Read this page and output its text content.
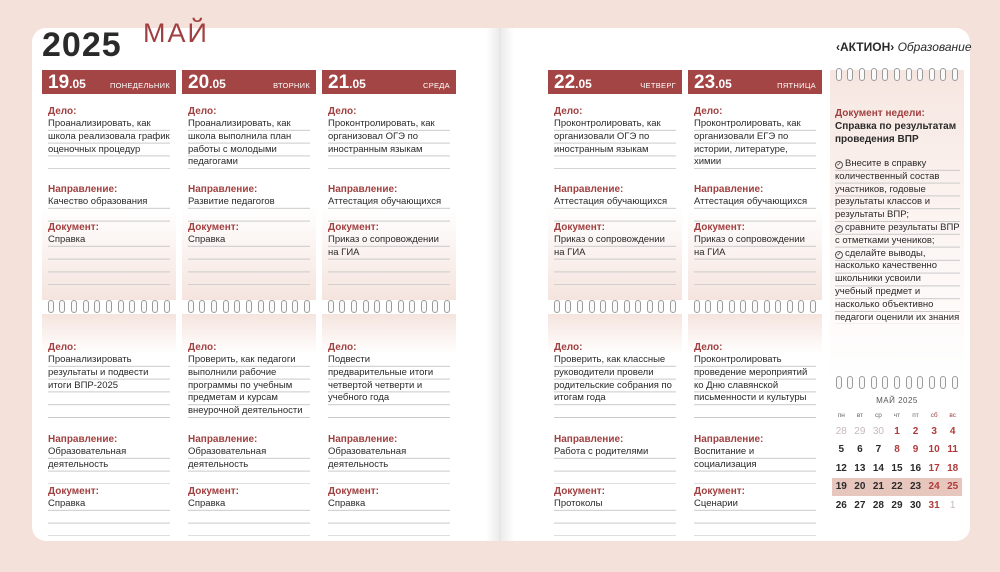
2025 МАЙ	‹АКТИОН› Образование
19.05	ПОНЕДЕЛЬНИК
Дело:
Проанализировать, как школа реализовала график оценочных процедур
Направление:
Качество образования
Документ:
Справка
Дело:
Проанализировать результаты и подвести итоги ВПР-2025
Направление:
Образовательная деятельность
Документ:
Справка
20.05	ВТОРНИК
Дело:
Проанализировать, как школа выполнила план работы с молодыми педагогами
Направление:
Развитие педагогов
Документ:
Справка
Дело:
Проверить, как педагоги выполнили рабочие программы по учебным предметам и курсам внеурочной деятельности
Направление:
Образовательная деятельность
Документ:
Справка
21.05	СРЕДА
Дело:
Проконтролировать, как организовал ОГЭ по иностранным языкам
Направление:
Аттестация обучающихся
Документ:
Приказ о сопровождении на ГИА
Дело:
Подвести предварительные итоги четвертой четверти и учебного года
Направление:
Образовательная деятельность
Документ:
Справка
22.05	ЧЕТВЕРГ
Дело:
Проконтролировать, как организовали ОГЭ по иностранным языкам
Направление:
Аттестация обучающихся
Документ:
Приказ о сопровождении на ГИА
Дело:
Проверить, как классные руководители провели родительские собрания по итогам года
Направление:
Работа с родителями
Документ:
Протоколы
23.05	ПЯТНИЦА
Дело:
Проконтролировать, как организовали ЕГЭ по истории, литературе, химии
Направление:
Аттестация обучающихся
Документ:
Приказ о сопровождении на ГИА
Дело:
Проконтролировать проведение мероприятий ко Дню славянской письменности и культуры
Направление:
Воспитание и социализация
Документ:
Сценарии
Документ недели:
Справка по результатам проведения ВПР
✓ Внесите в справку количественный состав участников, годовые результаты классов и результаты ВПР;
✓ сравните результаты ВПР с отметками учеников;
✓ сделайте выводы, насколько качественно школьники усвоили учебный предмет и насколько объективно педагоги оценили их знания
МАЙ 2025
пн	вт	ср	чт	пт	сб	вс
28	29	30	1	2	3	4
5	6	7	8	9	10	11
12	13	14	15	16	17	18
19	20	21	22	23	24	25
26	27	28	29	30	31	1
